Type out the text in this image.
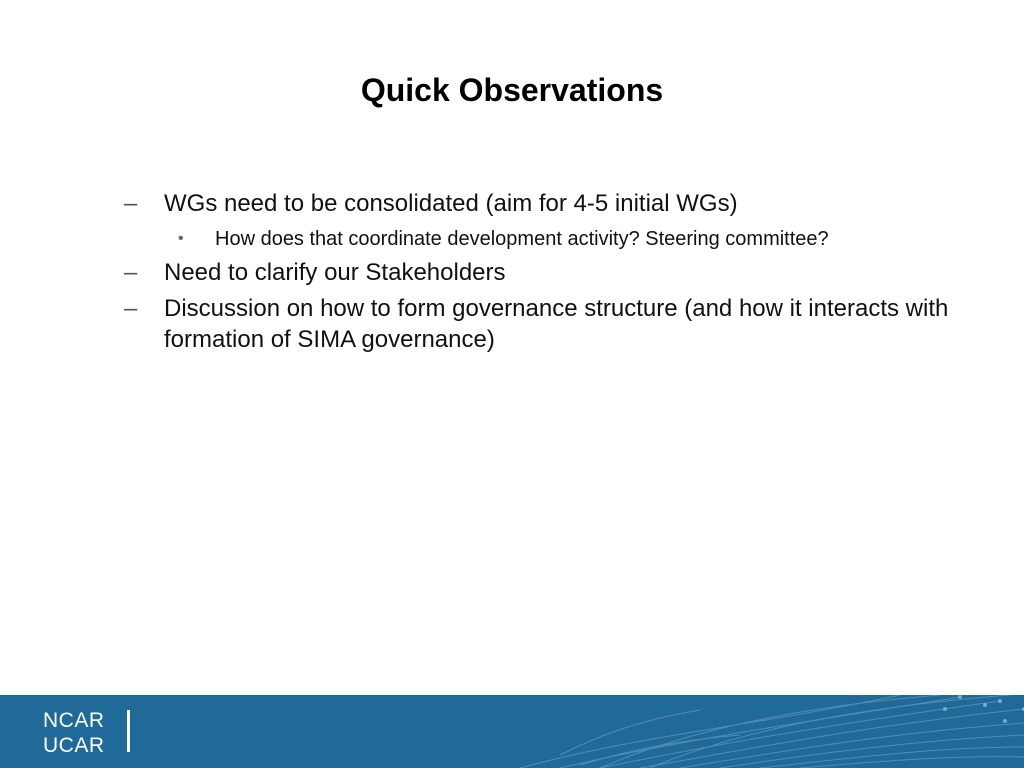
Quick Observations
– WGs need to be consolidated (aim for 4-5 initial WGs)
• How does that coordinate development activity? Steering committee?
– Need to clarify our Stakeholders
– Discussion on how to form governance structure (and how it interacts with formation of SIMA governance)
NCAR
UCAR
